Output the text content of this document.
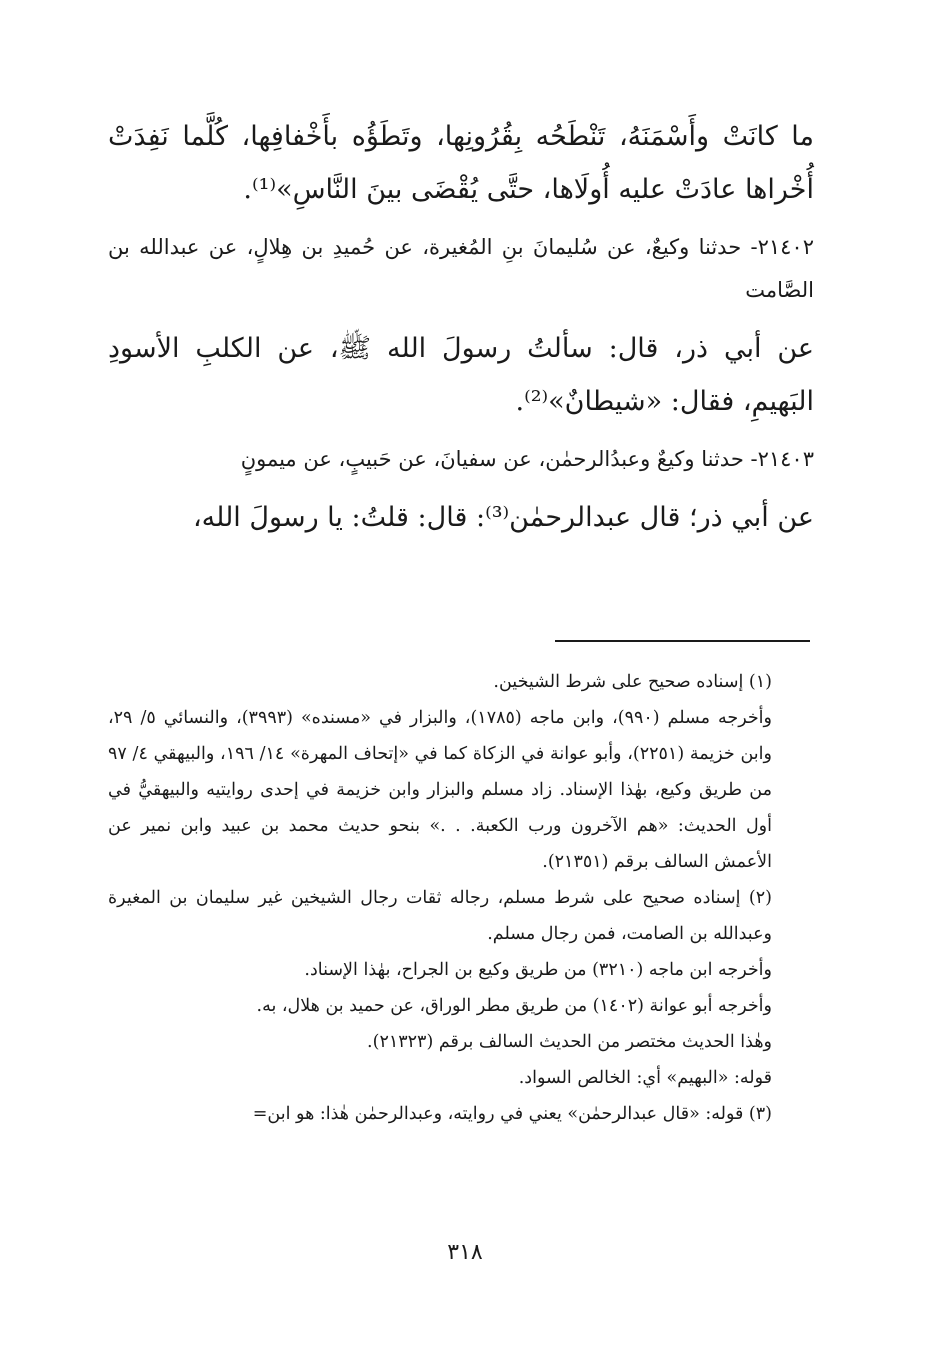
ما كانَتْ وأَسْمَنَهُ، تَنْطَحُه بِقُرُونِها، وتَطَؤُه بأَخْفافِها، كُلَّما نَفِدَتْ أُخْراها عادَتْ عليه أُولَاها، حتَّى يُقْضَى بينَ النَّاسِ»⁽¹⁾.

٢١٤٠٢- حدثنا وكيعٌ، عن سُليمانَ بنِ المُغيرة، عن حُميدِ بن هِلالٍ، عن عبدالله بن الصَّامت

عن أبي ذر، قال: سألتُ رسولَ الله ﷺ، عن الكلبِ الأسودِ البَهيمِ، فقال: «شيطانٌ»⁽²⁾.

٢١٤٠٣- حدثنا وكيعٌ وعبدُالرحمٰن، عن سفيانَ، عن حَبيبٍ، عن ميمونٍ

عن أبي ذر؛ قال عبدالرحمٰن⁽³⁾: قال: قلتُ: يا رسولَ الله،

(١) إسناده صحيح على شرط الشيخين.

وأخرجه مسلم (٩٩٠)، وابن ماجه (١٧٨٥)، والبزار في «مسنده» (٣٩٩٣)، والنسائي ٥/ ٢٩، وابن خزيمة (٢٢٥١)، وأبو عوانة في الزكاة كما في «إتحاف المهرة» ١٤/ ١٩٦، والبيهقي ٤/ ٩٧ من طريق وكيع، بهٰذا الإسناد. زاد مسلم والبزار وابن خزيمة في إحدى روايتيه والبيهقيُّ في أول الحديث: «هم الآخرون ورب الكعبة. . .» بنحو حديث محمد بن عبيد وابن نمير عن الأعمش السالف برقم (٢١٣٥١).

(٢) إسناده صحيح على شرط مسلم، رجاله ثقات رجال الشيخين غير سليمان بن المغيرة وعبدالله بن الصامت، فمن رجال مسلم.

وأخرجه ابن ماجه (٣٢١٠) من طريق وكيع بن الجراح، بهٰذا الإسناد.

وأخرجه أبو عوانة (١٤٠٢) من طريق مطر الوراق، عن حميد بن هلال، به.

وهٰذا الحديث مختصر من الحديث السالف برقم (٢١٣٢٣).

قوله: «البهيم» أي: الخالص السواد.

(٣) قوله: «قال عبدالرحمٰن» يعني في روايته، وعبدالرحمٰن هٰذا: هو ابن=

٣١٨
